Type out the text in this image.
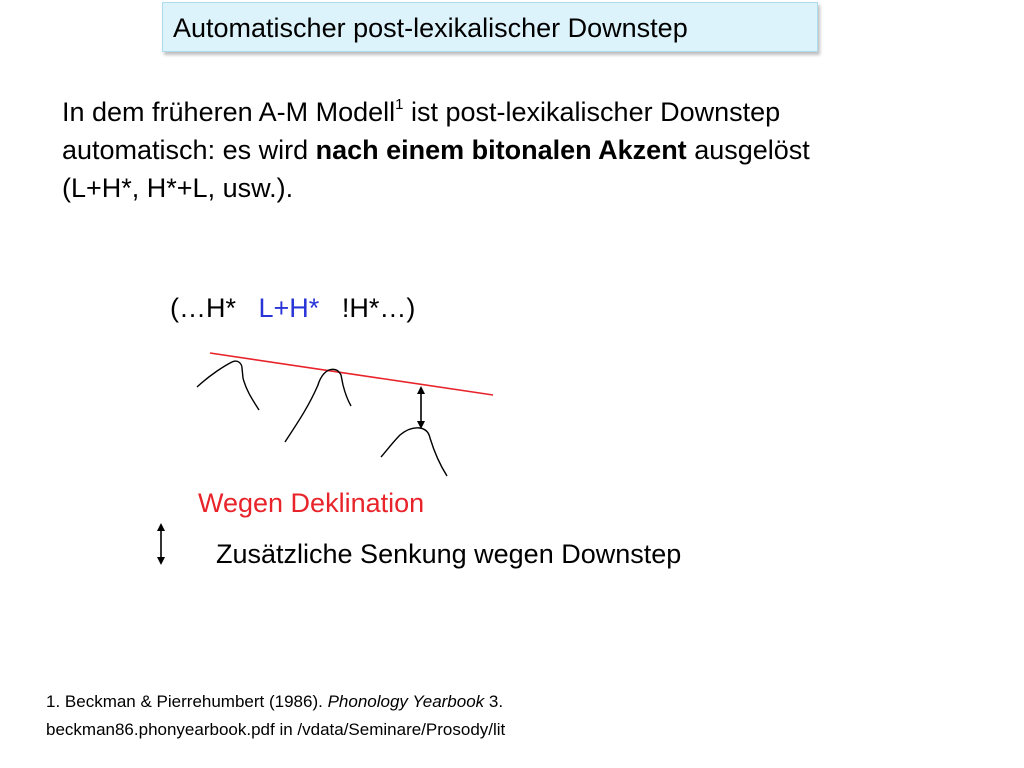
Automatischer post-lexikalischer Downstep
In dem früheren A-M Modell$^1$ ist post-lexikalischer Downstep automatisch: es wird nach einem bitonalen Akzent ausgelöst (L+H*, H*+L, usw.).
(…H* L+H* !H*…)
Wegen Deklination
Zusätzliche Senkung wegen Downstep
1. Beckman & Pierrehumbert (1986). Phonology Yearbook 3.
beckman86.phonyearbook.pdf in /vdata/Seminare/Prosody/lit
